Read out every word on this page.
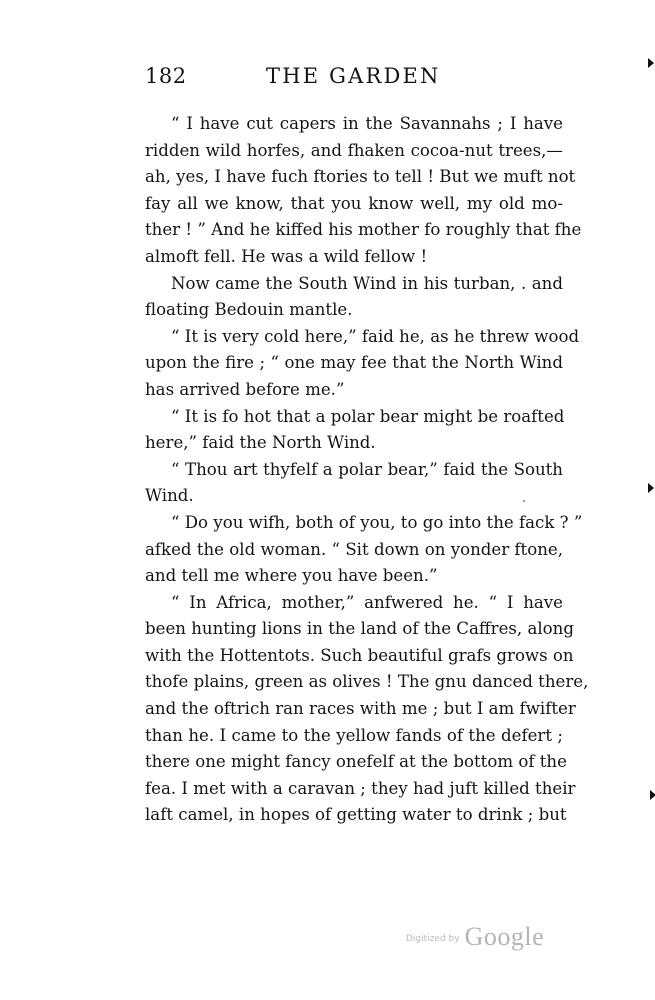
182	THE GARDEN
“ I have cut capers in the Savannahs ; I have
ridden wild horfes, and fhaken cocoa-nut trees,—
ah, yes, I have fuch ftories to tell ! But we muft not
fay all we know, that you know well, my old mo-
ther ! ” And he kiffed his mother fo roughly that fhe
almoft fell. He was a wild fellow !
Now came the South Wind in his turban, . and
floating Bedouin mantle.
“ It is very cold here,” faid he, as he threw wood
upon the fire ; “ one may fee that the North Wind
has arrived before me.”
“ It is fo hot that a polar bear might be roafted
here,” faid the North Wind.
“ Thou art thyfelf a polar bear,” faid the South
Wind.
“ Do you wifh, both of you, to go into the fack ? ”
afked the old woman. “ Sit down on yonder ftone,
and tell me where you have been.”
“ In Africa, mother,” anfwered he. “ I have
been hunting lions in the land of the Caffres, along
with the Hottentots. Such beautiful grafs grows on
thofe plains, green as olives ! The gnu danced there,
and the oftrich ran races with me ; but I am fwifter
than he. I came to the yellow fands of the defert ;
there one might fancy onefelf at the bottom of the
fea. I met with a caravan ; they had juft killed their
laft camel, in hopes of getting water to drink ; but
$^{Digitized by}$ Google
